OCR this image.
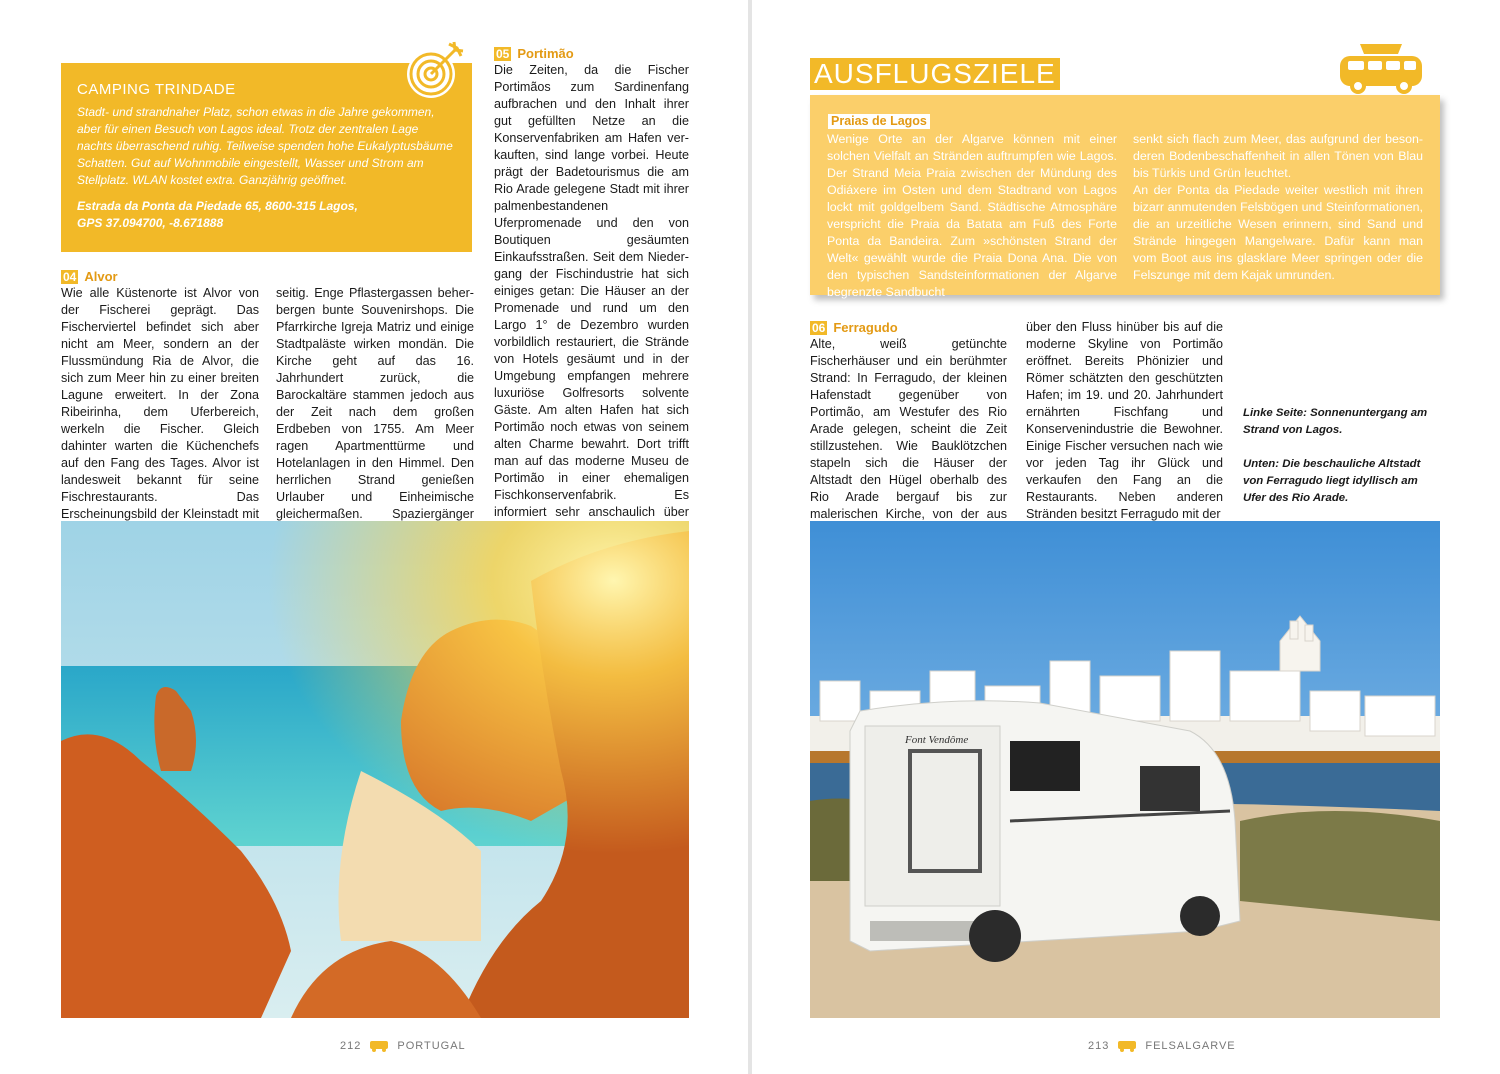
CAMPING TRINDADE
Stadt- und strandnaher Platz, schon etwas in die Jahre gekommen, aber für einen Besuch von Lagos ideal. Trotz der zentralen Lage nachts überraschend ruhig. Teilweise spenden hohe Eukalyptusbäume Schatten. Gut auf Wohnmobile eingestellt, Wasser und Strom am Stellplatz. WLAN kostet extra. Ganzjährig geöffnet.
Estrada da Ponta da Piedade 65, 8600-315 Lagos,
GPS 37.094700, -8.671888
04 Alvor
Wie alle Küstenorte ist Alvor von der Fischerei geprägt. Das Fischerviertel befindet sich aber nicht am Meer, sondern an der Flussmündung Ria de Alvor, die sich zum Meer hin zu einer breiten Lagune erweitert. In der Zona Ribeirinha, dem Uferbereich, werkeln die Fischer. Gleich dahinter warten die Küchenchefs auf den Fang des Tages. Alvor ist landesweit bekannt für seine Fischrestaurants. Das Erscheinungsbild der Kleinstadt mit
seitig. Enge Pflastergassen beherbergen bunte Souvenirshops. Die Pfarrkirche Igreja Matriz und einige Stadtpaläste wirken mondän. Die Kirche geht auf das 16. Jahrhundert zurück, die Barockaltäre stammen jedoch aus der Zeit nach dem großen Erdbeben von 1755. Am Meer ragen Apartmenttürme und Hotelanlagen in den Himmel. Den herrlichen Strand genießen Urlauber und Einheimische gleichermaßen. Spaziergänger
05 Portimão
Die Zeiten, da die Fischer Portimãos zum Sardinenfang aufbrachen und den Inhalt ihrer gut gefüllten Netze an die Konservenfabriken am Hafen verkauften, sind lange vorbei. Heute prägt der Badetourismus die am Rio Arade gelegene Stadt mit ihrer palmenbestandenen Uferpromenade und den von Boutiquen gesäumten Einkaufsstraßen. Seit dem Niedergang der Fischindustrie hat sich einiges getan: Die Häuser an der Promenade und rund um den Largo 1° de Dezembro wurden vorbildlich restauriert, die Strände von Hotels gesäumt und in der Umgebung empfangen mehrere luxuriöse Golfresorts solvente Gäste. Am alten Hafen hat sich Portimão noch etwas von seinem alten Charme bewahrt. Dort trifft man auf das moderne Museu de Portimão in einer ehemaligen Fischkonservenfabrik. Es informiert sehr anschaulich über
212	PORTUGAL
AUSFLUGSZIELE
Praias de Lagos
Wenige Orte an der Algarve können mit einer solchen Vielfalt an Stränden auftrumpfen wie Lagos. Der Strand Meia Praia zwischen der Mündung des Odiáxere im Osten und dem Stadtrand von Lagos lockt mit goldgelbem Sand. Städtische Atmosphäre verspricht die Praia da Batata am Fuß des Forte Ponta da Bandeira. Zum »schönsten Strand der Welt« gewählt wurde die Praia Dona Ana. Die von den typischen Sandsteinformationen der Algarve begrenzte Sandbucht
senkt sich flach zum Meer, das aufgrund der besonderen Bodenbeschaffenheit in allen Tönen von Blau bis Türkis und Grün leuchtet.
An der Ponta da Piedade weiter westlich mit ihren bizarr anmutenden Felsbögen und Steinformationen, die an urzeitliche Wesen erinnern, sind Sand und Strände hingegen Mangelware. Dafür kann man vom Boot aus ins glasklare Meer springen oder die Felszunge mit dem Kajak umrunden.
06 Ferragudo
Alte, weiß getünchte Fischerhäuser und ein berühmter Strand: In Ferragudo, der kleinen Hafenstadt gegenüber von Portimão, am Westufer des Rio Arade gelegen, scheint die Zeit stillzustehen. Wie Bauklötzchen stapeln sich die Häuser der Altstadt den Hügel oberhalb des Rio Arade bergauf bis zur malerischen Kirche, von der aus
über den Fluss hinüber bis auf die moderne Skyline von Portimão eröffnet. Bereits Phönizier und Römer schätzten den geschützten Hafen; im 19. und 20. Jahrhundert ernährten Fischfang und Konservenindustrie die Bewohner. Einige Fischer versuchen nach wie vor jeden Tag ihr Glück und verkaufen den Fang an die Restaurants. Neben anderen Stränden besitzt Ferragudo mit der

Linke Seite: Sonnenuntergang am Strand von Lagos.

Unten: Die beschauliche Altstadt von Ferragudo liegt idyllisch am Ufer des Rio Arade.

Font Vendôme
213	FELSALGARVE
